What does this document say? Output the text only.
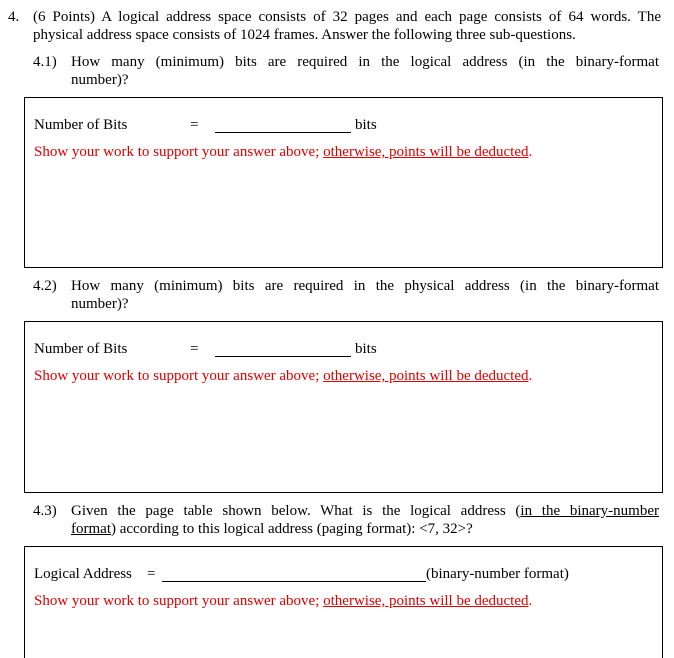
4. (6 Points) A logical address space consists of 32 pages and each page consists of 64 words. The
physical address space consists of 1024 frames. Answer the following three sub-questions.
4.1) How many (minimum) bits are required in the logical address (in the binary-format
number)?
Number of Bits	=	bits
Show your work to support your answer above; otherwise, points will be deducted.
4.2) How many (minimum) bits are required in the physical address (in the binary-format
number)?
Number of Bits	=	bits
Show your work to support your answer above; otherwise, points will be deducted.
4.3) Given the page table shown below. What is the logical address (in the binary-number
format) according to this logical address (paging format): <7, 32>?
Logical Address =	(binary-number format)
Show your work to support your answer above; otherwise, points will be deducted.
